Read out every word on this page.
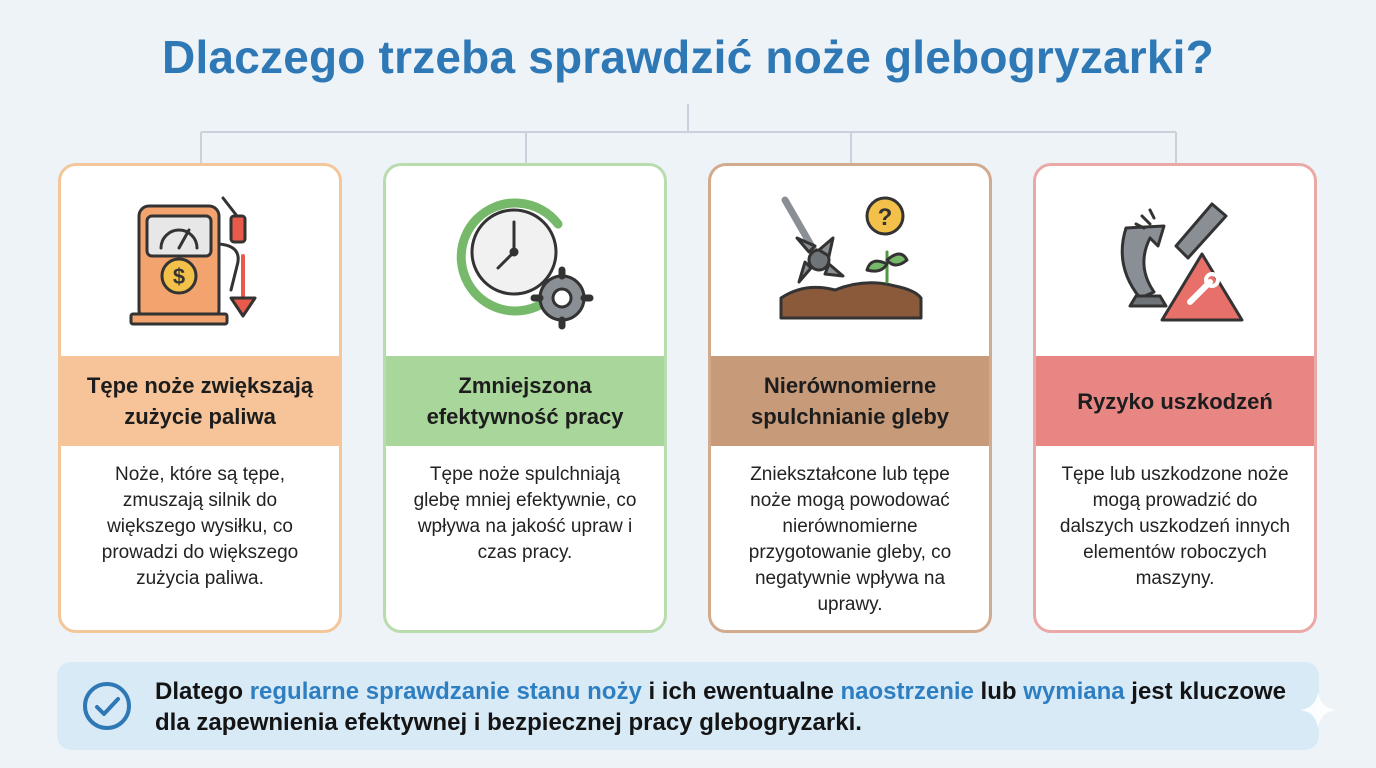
Dlaczego trzeba sprawdzić noże glebogryzarki?
$
Tępe noże zwiększają zużycie paliwa
Noże, które są tępe, zmuszają silnik do większego wysiłku, co prowadzi do większego zużycia paliwa.
Zmniejszona efektywność pracy
Tępe noże spulchniają glebę mniej efektywnie, co wpływa na jakość upraw i czas pracy.
?
Nierównomierne spulchnianie gleby
Zniekształcone lub tępe noże mogą powodować nierównomierne przygotowanie gleby, co negatywnie wpływa na uprawy.
Ryzyko uszkodzeń
Tępe lub uszkodzone noże mogą prowadzić do dalszych uszkodzeń innych elementów roboczych maszyny.
Dlatego regularne sprawdzanie stanu noży i ich ewentualne naostrzenie lub wymiana jest kluczowe dla zapewnienia efektywnej i bezpiecznej pracy glebogryzarki.
